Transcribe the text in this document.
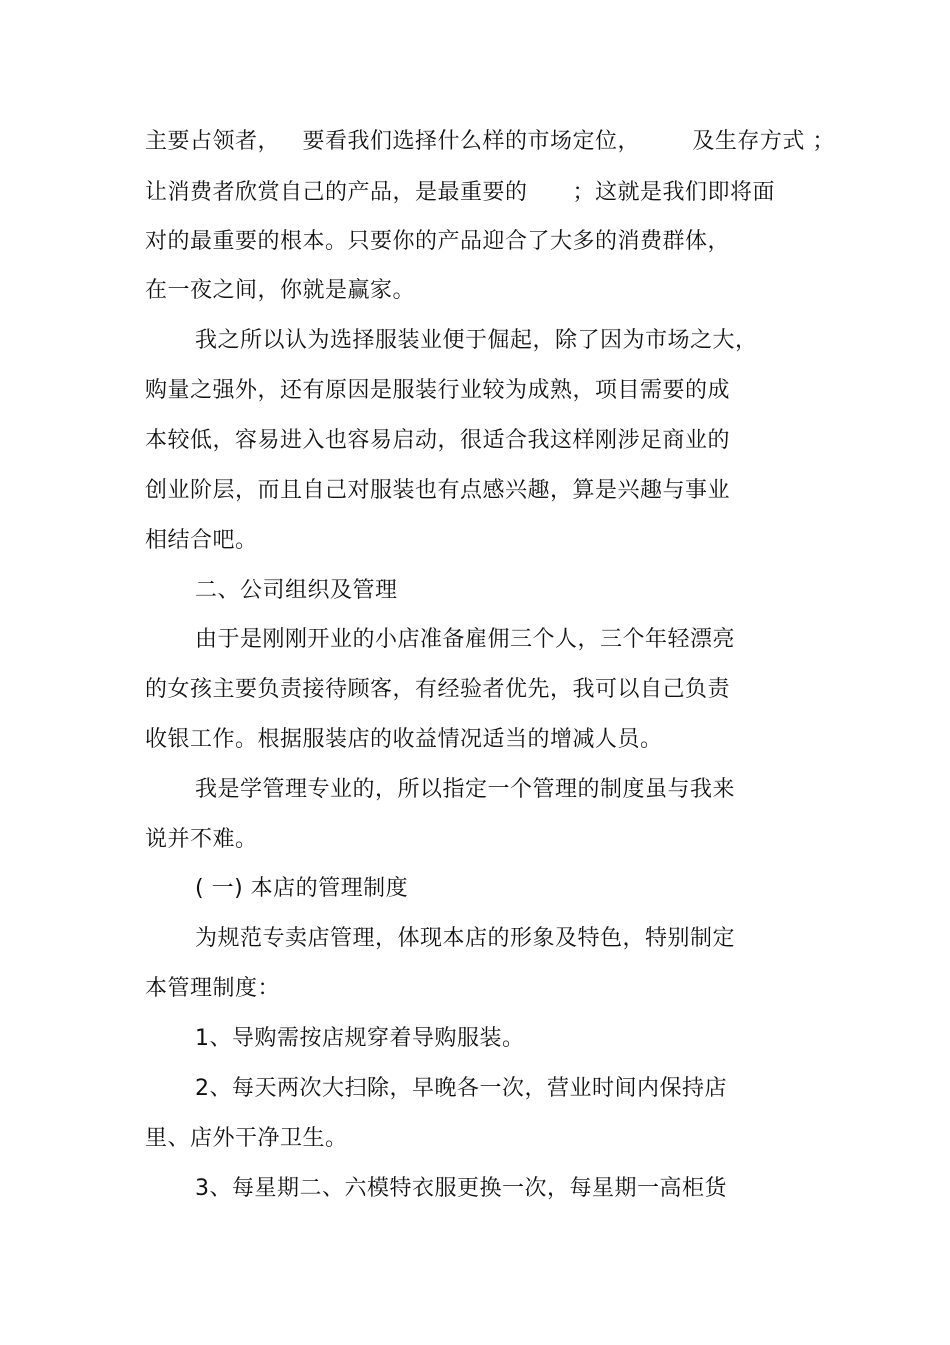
主要占领者，   要看我们选择什么样的市场定位，       及生存方式 ；
让消费者欣赏自己的产品，是最重要的      ；这就是我们即将面
对的最重要的根本。只要你的产品迎合了大多的消费群体，
在一夜之间，你就是赢家。
我之所以认为选择服装业便于倔起，除了因为市场之大，
购量之强外，还有原因是服装行业较为成熟，项目需要的成
本较低，容易进入也容易启动，很适合我这样刚涉足商业的
创业阶层，而且自己对服装也有点感兴趣，算是兴趣与事业
相结合吧。
二、公司组织及管理
由于是刚刚开业的小店准备雇佣三个人，三个年轻漂亮
的女孩主要负责接待顾客，有经验者优先，我可以自己负责
收银工作。根据服装店的收益情况适当的增减人员。
我是学管理专业的，所以指定一个管理的制度虽与我来
说并不难。
( 一) 本店的管理制度
为规范专卖店管理，体现本店的形象及特色，特别制定
本管理制度：
1、导购需按店规穿着导购服装。
2、每天两次大扫除，早晚各一次，营业时间内保持店
里、店外干净卫生。
3、每星期二、六模特衣服更换一次，每星期一高柜货
